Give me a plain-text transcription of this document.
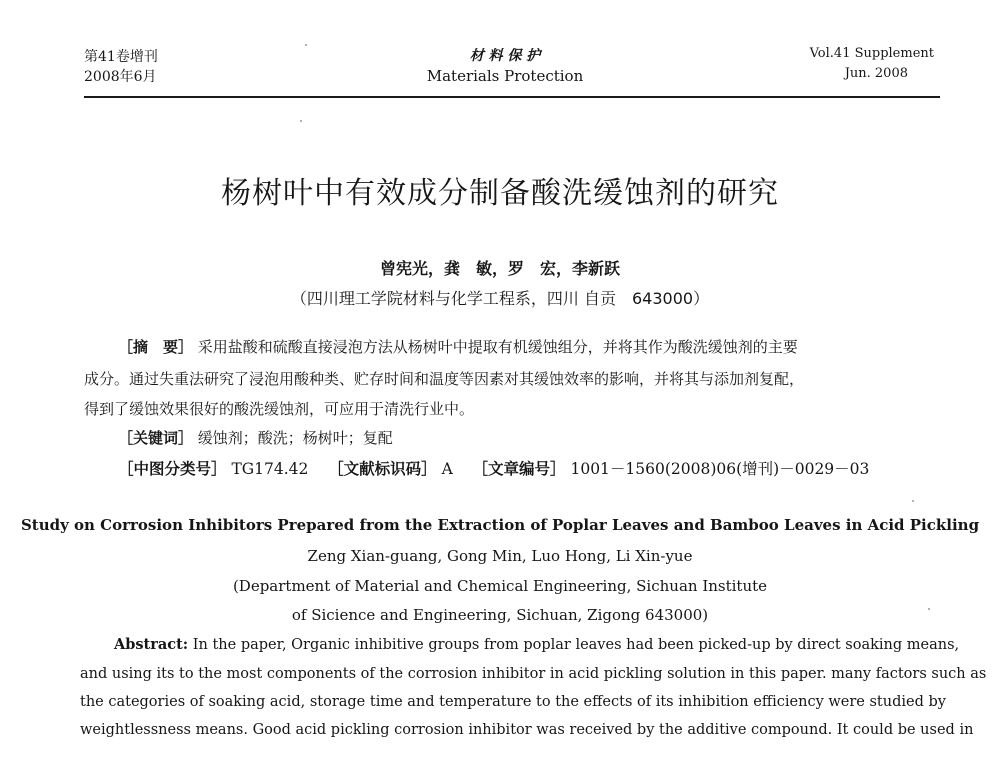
第41卷增刊
2008年6月
材 料 保 护
Materials Protection
Vol.41 Supplement
Jun. 2008
杨树叶中有效成分制备酸洗缓蚀剂的研究
曾宪光，龚　敏，罗　宏，李新跃
（四川理工学院材料与化学工程系，四川 自贡　643000）
［摘　要］ 采用盐酸和硫酸直接浸泡方法从杨树叶中提取有机缓蚀组分，并将其作为酸洗缓蚀剂的主要
成分。通过失重法研究了浸泡用酸种类、贮存时间和温度等因素对其缓蚀效率的影响，并将其与添加剂复配，
得到了缓蚀效果很好的酸洗缓蚀剂，可应用于清洗行业中。
［关键词］ 缓蚀剂；酸洗；杨树叶；复配
［中图分类号］ TG174.42 ［文献标识码］ A ［文章编号］ 1001－1560(2008)06(增刊)－0029－03
Study on Corrosion Inhibitors Prepared from the Extraction of Poplar Leaves and Bamboo Leaves in Acid Pickling
Zeng Xian-guang, Gong Min, Luo Hong, Li Xin-yue
(Department of Material and Chemical Engineering, Sichuan Institute
of Sicience and Engineering, Sichuan, Zigong 643000)
Abstract: In the paper, Organic inhibitive groups from poplar leaves had been picked-up by direct soaking means,
and using its to the most components of the corrosion inhibitor in acid pickling solution in this paper. many factors such as
the categories of soaking acid, storage time and temperature to the effects of its inhibition efficiency were studied by
weightlessness means. Good acid pickling corrosion inhibitor was received by the additive compound. It could be used in
